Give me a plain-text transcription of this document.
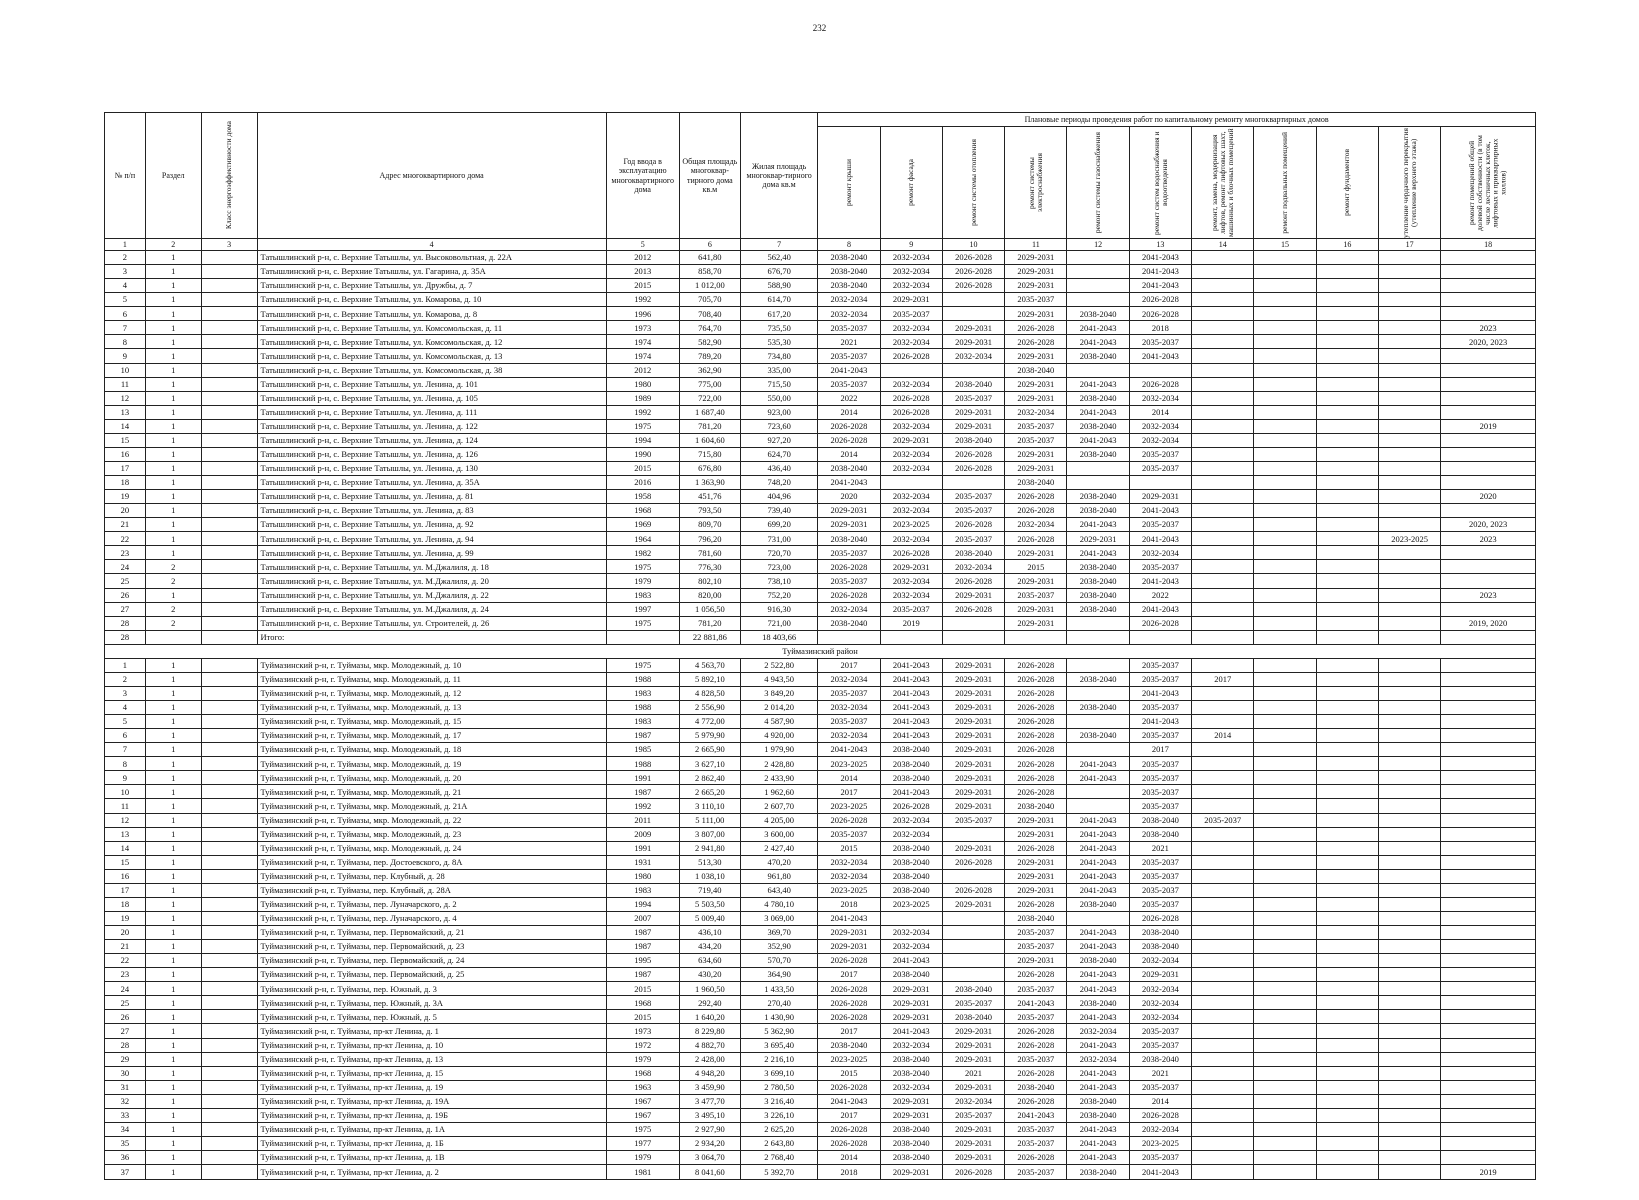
232
№ п/п	Раздел	Класс энергоэффективности дома	Адрес многоквартирного дома	Год ввода в эксплуатацию многоквартирного дома	Общая площадь многоквар-тирного дома кв.м	Жилая площадь многоквар-тирного дома кв.м	Плановые периоды проведения работ по капитальному ремонту многоквартирных домов										

							ремонт крыши	ремонт фасада	ремонт системы отопления	ремонт системы электроснабжения	ремонт системы газоснабжения	ремонт систем водоснабжения и водоотведения	ремонт, замена, модернизация лифтов, ремонт лифтовых шахт, машинных и блочных помещений	ремонт подвальных помещений	ремонт фундаментов	утепление чердачного перекрытия (утепление верхнего этажа)	ремонт помещений общей долевой собственности (в том числе лестничных клеток, лифтовых и приквартирных холлов)

1	2	3	4	5	6	7	8	9	10	11	12	13	14	15	16	17	18
2	1		Татышлинский р-н, с. Верхние Татышлы, ул. Высоковольтная, д. 22А	2012	641,80	562,40	2038-2040	2032-2034	2026-2028	2029-2031		2041-2043					
3	1		Татышлинский р-н, с. Верхние Татышлы, ул. Гагарина, д. 35А	2013	858,70	676,70	2038-2040	2032-2034	2026-2028	2029-2031		2041-2043					
4	1		Татышлинский р-н, с. Верхние Татышлы, ул. Дружбы, д. 7	2015	1 012,00	588,90	2038-2040	2032-2034	2026-2028	2029-2031		2041-2043					
5	1		Татышлинский р-н, с. Верхние Татышлы, ул. Комарова, д. 10	1992	705,70	614,70	2032-2034	2029-2031		2035-2037		2026-2028					
6	1		Татышлинский р-н, с. Верхние Татышлы, ул. Комарова, д. 8	1996	708,40	617,20	2032-2034	2035-2037		2029-2031	2038-2040	2026-2028					
7	1		Татышлинский р-н, с. Верхние Татышлы, ул. Комсомольская, д. 11	1973	764,70	735,50	2035-2037	2032-2034	2029-2031	2026-2028	2041-2043	2018					2023
8	1		Татышлинский р-н, с. Верхние Татышлы, ул. Комсомольская, д. 12	1974	582,90	535,30	2021	2032-2034	2029-2031	2026-2028	2041-2043	2035-2037					2020, 2023
9	1		Татышлинский р-н, с. Верхние Татышлы, ул. Комсомольская, д. 13	1974	789,20	734,80	2035-2037	2026-2028	2032-2034	2029-2031	2038-2040	2041-2043					
10	1		Татышлинский р-н, с. Верхние Татышлы, ул. Комсомольская, д. 38	2012	362,90	335,00	2041-2043			2038-2040							
11	1		Татышлинский р-н, с. Верхние Татышлы, ул. Ленина, д. 101	1980	775,00	715,50	2035-2037	2032-2034	2038-2040	2029-2031	2041-2043	2026-2028					
12	1		Татышлинский р-н, с. Верхние Татышлы, ул. Ленина, д. 105	1989	722,00	550,00	2022	2026-2028	2035-2037	2029-2031	2038-2040	2032-2034					
13	1		Татышлинский р-н, с. Верхние Татышлы, ул. Ленина, д. 111	1992	1 687,40	923,00	2014	2026-2028	2029-2031	2032-2034	2041-2043	2014					
14	1		Татышлинский р-н, с. Верхние Татышлы, ул. Ленина, д. 122	1975	781,20	723,60	2026-2028	2032-2034	2029-2031	2035-2037	2038-2040	2032-2034					2019
15	1		Татышлинский р-н, с. Верхние Татышлы, ул. Ленина, д. 124	1994	1 604,60	927,20	2026-2028	2029-2031	2038-2040	2035-2037	2041-2043	2032-2034					
16	1		Татышлинский р-н, с. Верхние Татышлы, ул. Ленина, д. 126	1990	715,80	624,70	2014	2032-2034	2026-2028	2029-2031	2038-2040	2035-2037					
17	1		Татышлинский р-н, с. Верхние Татышлы, ул. Ленина, д. 130	2015	676,80	436,40	2038-2040	2032-2034	2026-2028	2029-2031		2035-2037					
18	1		Татышлинский р-н, с. Верхние Татышлы, ул. Ленина, д. 35А	2016	1 363,90	748,20	2041-2043			2038-2040							
19	1		Татышлинский р-н, с. Верхние Татышлы, ул. Ленина, д. 81	1958	451,76	404,96	2020	2032-2034	2035-2037	2026-2028	2038-2040	2029-2031					2020
20	1		Татышлинский р-н, с. Верхние Татышлы, ул. Ленина, д. 83	1968	793,50	739,40	2029-2031	2032-2034	2035-2037	2026-2028	2038-2040	2041-2043					
21	1		Татышлинский р-н, с. Верхние Татышлы, ул. Ленина, д. 92	1969	809,70	699,20	2029-2031	2023-2025	2026-2028	2032-2034	2041-2043	2035-2037					2020, 2023
22	1		Татышлинский р-н, с. Верхние Татышлы, ул. Ленина, д. 94	1964	796,20	731,00	2038-2040	2032-2034	2035-2037	2026-2028	2029-2031	2041-2043				2023-2025	2023
23	1		Татышлинский р-н, с. Верхние Татышлы, ул. Ленина, д. 99	1982	781,60	720,70	2035-2037	2026-2028	2038-2040	2029-2031	2041-2043	2032-2034					
24	2		Татышлинский р-н, с. Верхние Татышлы, ул. М.Джалиля, д. 18	1975	776,30	723,00	2026-2028	2029-2031	2032-2034	2015	2038-2040	2035-2037					
25	2		Татышлинский р-н, с. Верхние Татышлы, ул. М.Джалиля, д. 20	1979	802,10	738,10	2035-2037	2032-2034	2026-2028	2029-2031	2038-2040	2041-2043					
26	1		Татышлинский р-н, с. Верхние Татышлы, ул. М.Джалиля, д. 22	1983	820,00	752,20	2026-2028	2032-2034	2029-2031	2035-2037	2038-2040	2022					2023
27	2		Татышлинский р-н, с. Верхние Татышлы, ул. М.Джалиля, д. 24	1997	1 056,50	916,30	2032-2034	2035-2037	2026-2028	2029-2031	2038-2040	2041-2043					
28	2		Татышлинский р-н, с. Верхние Татышлы, ул. Строителей, д. 26	1975	781,20	721,00	2038-2040	2019		2029-2031		2026-2028					2019, 2020
28			Итого:		22 881,86	18 403,66											
Туймазинский район																	
1	1		Туймазинский р-н, г. Туймазы, мкр. Молодежный, д. 10	1975	4 563,70	2 522,80	2017	2041-2043	2029-2031	2026-2028		2035-2037					
2	1		Туймазинский р-н, г. Туймазы, мкр. Молодежный, д. 11	1988	5 892,10	4 943,50	2032-2034	2041-2043	2029-2031	2026-2028	2038-2040	2035-2037	2017				
3	1		Туймазинский р-н, г. Туймазы, мкр. Молодежный, д. 12	1983	4 828,50	3 849,20	2035-2037	2041-2043	2029-2031	2026-2028		2041-2043					
4	1		Туймазинский р-н, г. Туймазы, мкр. Молодежный, д. 13	1988	2 556,90	2 014,20	2032-2034	2041-2043	2029-2031	2026-2028	2038-2040	2035-2037					
5	1		Туймазинский р-н, г. Туймазы, мкр. Молодежный, д. 15	1983	4 772,00	4 587,90	2035-2037	2041-2043	2029-2031	2026-2028		2041-2043					
6	1		Туймазинский р-н, г. Туймазы, мкр. Молодежный, д. 17	1987	5 979,90	4 920,00	2032-2034	2041-2043	2029-2031	2026-2028	2038-2040	2035-2037	2014				
7	1		Туймазинский р-н, г. Туймазы, мкр. Молодежный, д. 18	1985	2 665,90	1 979,90	2041-2043	2038-2040	2029-2031	2026-2028		2017					
8	1		Туймазинский р-н, г. Туймазы, мкр. Молодежный, д. 19	1988	3 627,10	2 428,80	2023-2025	2038-2040	2029-2031	2026-2028	2041-2043	2035-2037					
9	1		Туймазинский р-н, г. Туймазы, мкр. Молодежный, д. 20	1991	2 862,40	2 433,90	2014	2038-2040	2029-2031	2026-2028	2041-2043	2035-2037					
10	1		Туймазинский р-н, г. Туймазы, мкр. Молодежный, д. 21	1987	2 665,20	1 962,60	2017	2041-2043	2029-2031	2026-2028		2035-2037					
11	1		Туймазинский р-н, г. Туймазы, мкр. Молодежный, д. 21А	1992	3 110,10	2 607,70	2023-2025	2026-2028	2029-2031	2038-2040		2035-2037					
12	1		Туймазинский р-н, г. Туймазы, мкр. Молодежный, д. 22	2011	5 111,00	4 205,00	2026-2028	2032-2034	2035-2037	2029-2031	2041-2043	2038-2040	2035-2037				
13	1		Туймазинский р-н, г. Туймазы, мкр. Молодежный, д. 23	2009	3 807,00	3 600,00	2035-2037	2032-2034		2029-2031	2041-2043	2038-2040					
14	1		Туймазинский р-н, г. Туймазы, мкр. Молодежный, д. 24	1991	2 941,80	2 427,40	2015	2038-2040	2029-2031	2026-2028	2041-2043	2021					
15	1		Туймазинский р-н, г. Туймазы, пер. Достоевского, д. 8А	1931	513,30	470,20	2032-2034	2038-2040	2026-2028	2029-2031	2041-2043	2035-2037					
16	1		Туймазинский р-н, г. Туймазы, пер. Клубный, д. 28	1980	1 038,10	961,80	2032-2034	2038-2040		2029-2031	2041-2043	2035-2037					
17	1		Туймазинский р-н, г. Туймазы, пер. Клубный, д. 28А	1983	719,40	643,40	2023-2025	2038-2040	2026-2028	2029-2031	2041-2043	2035-2037					
18	1		Туймазинский р-н, г. Туймазы, пер. Луначарского, д. 2	1994	5 503,50	4 780,10	2018	2023-2025	2029-2031	2026-2028	2038-2040	2035-2037					
19	1		Туймазинский р-н, г. Туймазы, пер. Луначарского, д. 4	2007	5 009,40	3 069,00	2041-2043			2038-2040		2026-2028					
20	1		Туймазинский р-н, г. Туймазы, пер. Первомайский, д. 21	1987	436,10	369,70	2029-2031	2032-2034		2035-2037	2041-2043	2038-2040					
21	1		Туймазинский р-н, г. Туймазы, пер. Первомайский, д. 23	1987	434,20	352,90	2029-2031	2032-2034		2035-2037	2041-2043	2038-2040					
22	1		Туймазинский р-н, г. Туймазы, пер. Первомайский, д. 24	1995	634,60	570,70	2026-2028	2041-2043		2029-2031	2038-2040	2032-2034					
23	1		Туймазинский р-н, г. Туймазы, пер. Первомайский, д. 25	1987	430,20	364,90	2017	2038-2040		2026-2028	2041-2043	2029-2031					
24	1		Туймазинский р-н, г. Туймазы, пер. Южный, д. 3	2015	1 960,50	1 433,50	2026-2028	2029-2031	2038-2040	2035-2037	2041-2043	2032-2034					
25	1		Туймазинский р-н, г. Туймазы, пер. Южный, д. 3А	1968	292,40	270,40	2026-2028	2029-2031	2035-2037	2041-2043	2038-2040	2032-2034					
26	1		Туймазинский р-н, г. Туймазы, пер. Южный, д. 5	2015	1 640,20	1 430,90	2026-2028	2029-2031	2038-2040	2035-2037	2041-2043	2032-2034					
27	1		Туймазинский р-н, г. Туймазы, пр-кт Ленина, д. 1	1973	8 229,80	5 362,90	2017	2041-2043	2029-2031	2026-2028	2032-2034	2035-2037					
28	1		Туймазинский р-н, г. Туймазы, пр-кт Ленина, д. 10	1972	4 882,70	3 695,40	2038-2040	2032-2034	2029-2031	2026-2028	2041-2043	2035-2037					
29	1		Туймазинский р-н, г. Туймазы, пр-кт Ленина, д. 13	1979	2 428,00	2 216,10	2023-2025	2038-2040	2029-2031	2035-2037	2032-2034	2038-2040					
30	1		Туймазинский р-н, г. Туймазы, пр-кт Ленина, д. 15	1968	4 948,20	3 699,10	2015	2038-2040	2021	2026-2028	2041-2043	2021					
31	1		Туймазинский р-н, г. Туймазы, пр-кт Ленина, д. 19	1963	3 459,90	2 780,50	2026-2028	2032-2034	2029-2031	2038-2040	2041-2043	2035-2037					
32	1		Туймазинский р-н, г. Туймазы, пр-кт Ленина, д. 19А	1967	3 477,70	3 216,40	2041-2043	2029-2031	2032-2034	2026-2028	2038-2040	2014					
33	1		Туймазинский р-н, г. Туймазы, пр-кт Ленина, д. 19Б	1967	3 495,10	3 226,10	2017	2029-2031	2035-2037	2041-2043	2038-2040	2026-2028					
34	1		Туймазинский р-н, г. Туймазы, пр-кт Ленина, д. 1А	1975	2 927,90	2 625,20	2026-2028	2038-2040	2029-2031	2035-2037	2041-2043	2032-2034					
35	1		Туймазинский р-н, г. Туймазы, пр-кт Ленина, д. 1Б	1977	2 934,20	2 643,80	2026-2028	2038-2040	2029-2031	2035-2037	2041-2043	2023-2025					
36	1		Туймазинский р-н, г. Туймазы, пр-кт Ленина, д. 1В	1979	3 064,70	2 768,40	2014	2038-2040	2029-2031	2026-2028	2041-2043	2035-2037					
37	1		Туймазинский р-н, г. Туймазы, пр-кт Ленина, д. 2	1981	8 041,60	5 392,70	2018	2029-2031	2026-2028	2035-2037	2038-2040	2041-2043					2019
